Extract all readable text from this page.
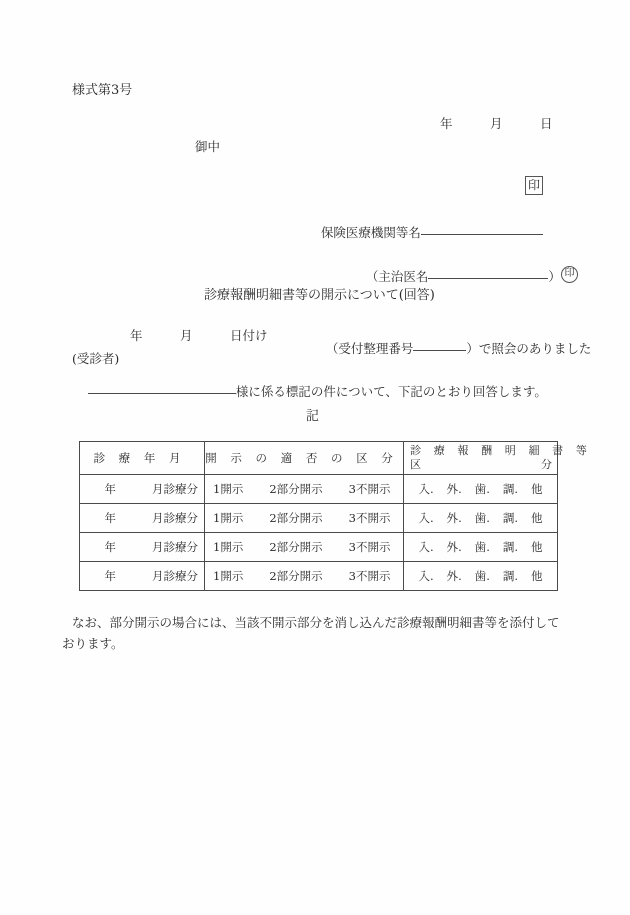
様式第3号
年　　　月　　　日
御中
印

保険医療機関等名

（主治医名	） 印

診療報酬明細書等の開示について(回答)
年　　　月　　　日付け

（受付整理番号	）で照会のありました

(受診者)

様に係る標記の件について、下記のとおり回答します。

記
診 療 年 月	開 示 の 適 否 の 区 分	診 療 報 酬 明 細 書 等
区 分

年 月診療分	1開示 2部分開示 3不開示	入. 外. 歯. 調. 他

年 月診療分	1開示 2部分開示 3不開示	入. 外. 歯. 調. 他

年 月診療分	1開示 2部分開示 3不開示	入. 外. 歯. 調. 他

年 月診療分	1開示 2部分開示 3不開示	入. 外. 歯. 調. 他
なお、部分開示の場合には、当該不開示部分を消し込んだ診療報酬明細書等を添付して
おります。
